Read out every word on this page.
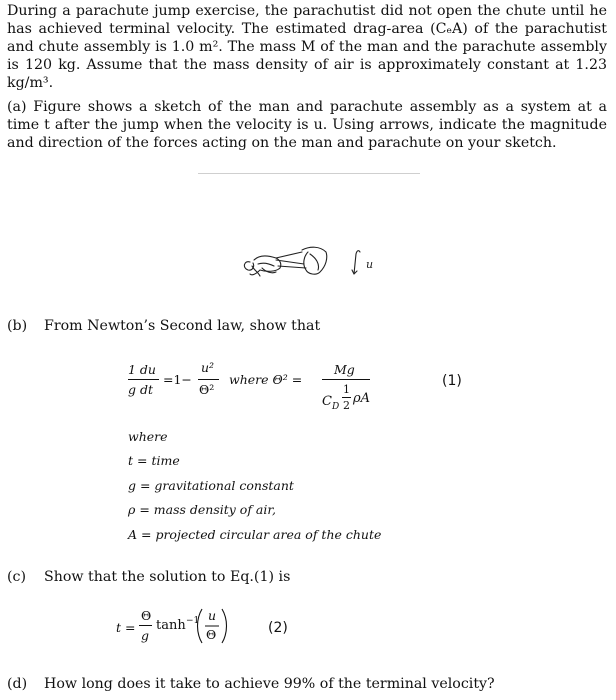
During a parachute jump exercise, the parachutist did not open the chute until he has achieved terminal velocity. The estimated drag-area (CₑA) of the parachutist and chute assembly is 1.0 m². The mass M of the man and the parachute assembly is 120 kg. Assume that the mass density of air is approximately constant at 1.23 kg/m³.

(a) Figure shows a sketch of the man and parachute assembly as a system at a time t after the jump when the velocity is u. Using arrows, indicate the magnitude and direction of the forces acting on the man and parachute on your sketch.

u
(b) From Newton’s Second law, show that
1 du
g dt
=1−
u²
Θ²
where Θ² =
Mg
C D
1
2 ρA
(1)
where
t = time
g = gravitational constant
ρ = mass density of air,
A = projected circular area of the chute
(c) Show that the solution to Eq.(1) is
t =
Θ
g
tanh −1 u
Θ	(2)
(d) How long does it take to achieve 99% of the terminal velocity?
